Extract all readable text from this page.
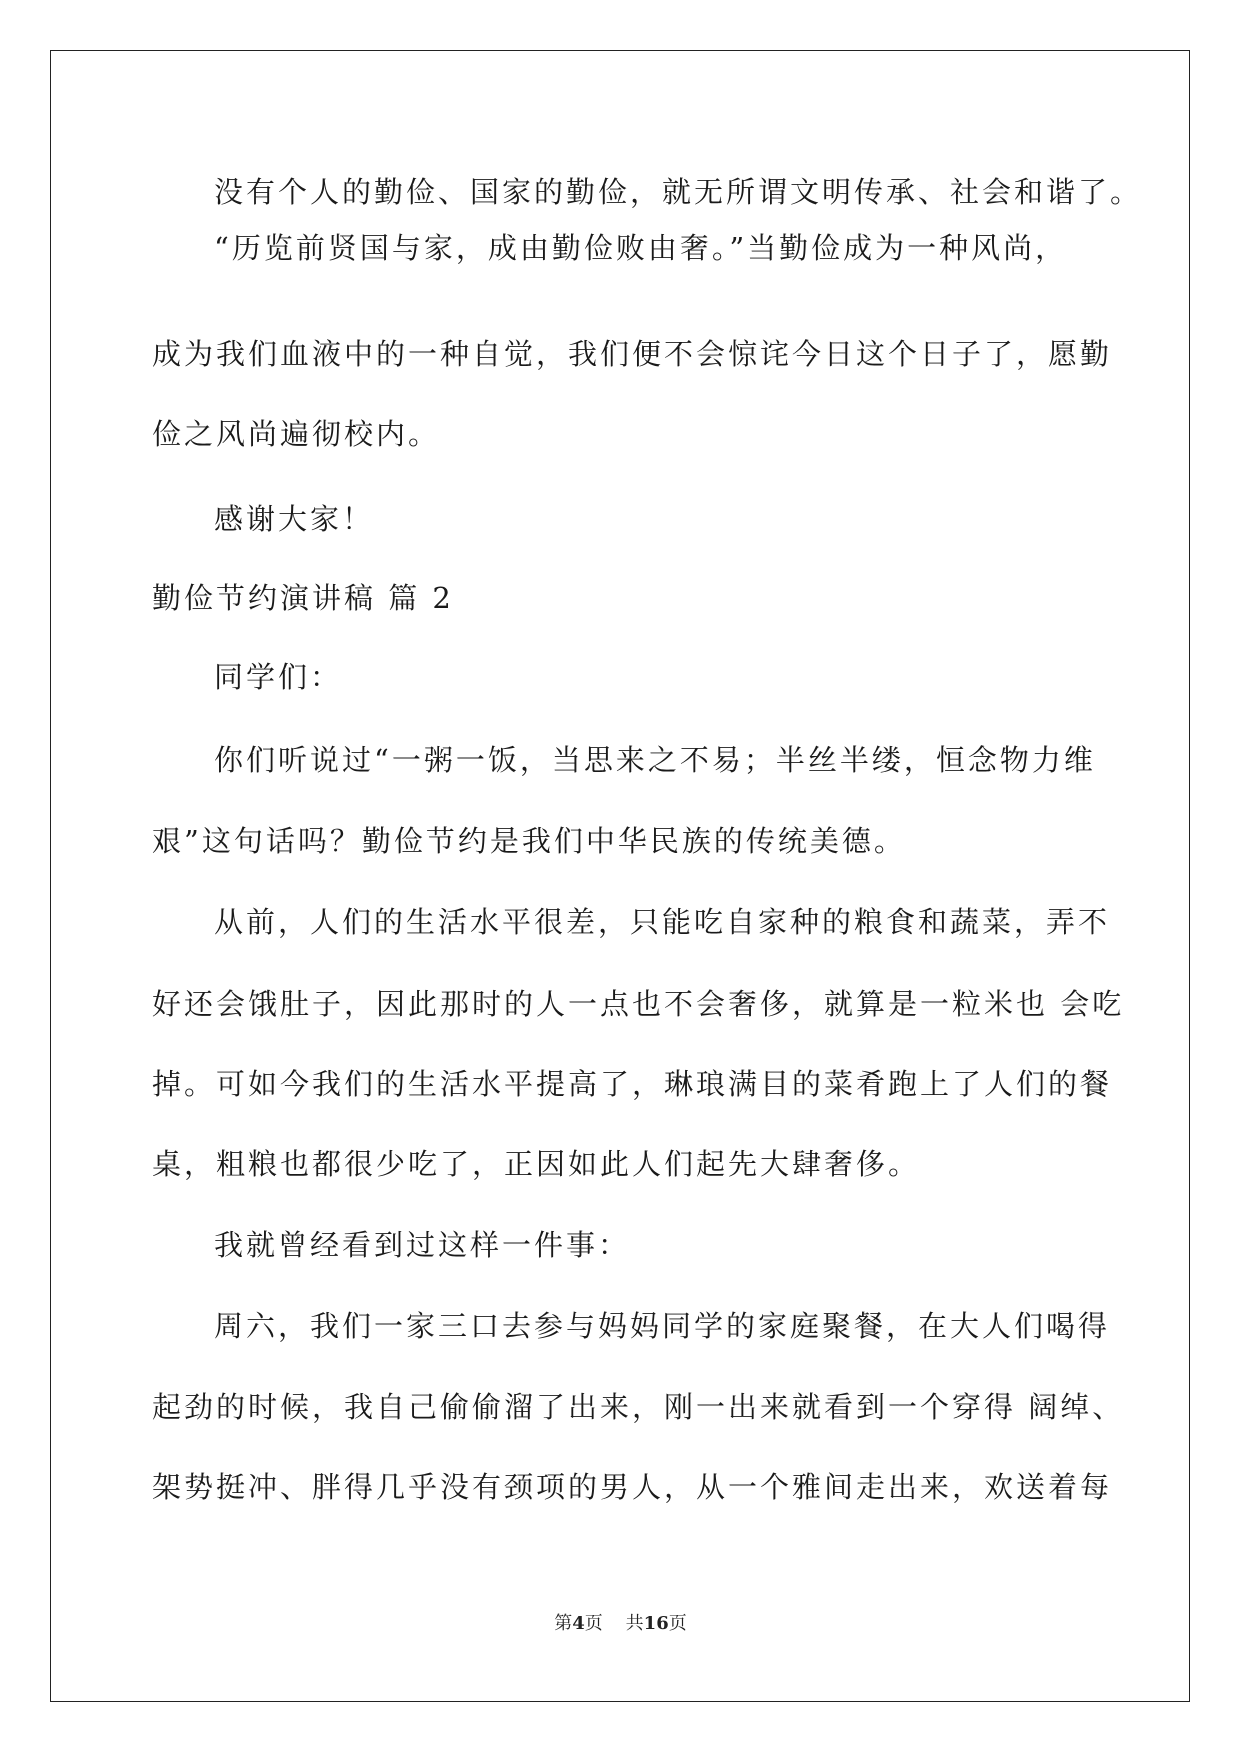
没有个人的勤俭、国家的勤俭，就无所谓文明传承、社会和谐了。
“历览前贤国与家，成由勤俭败由奢。”当勤俭成为一种风尚，
成为我们血液中的一种自觉，我们便不会惊诧今日这个日子了，愿勤
俭之风尚遍彻校内。
感谢大家！
勤俭节约演讲稿 篇 2
同学们：
你们听说过“一粥一饭，当思来之不易；半丝半缕，恒念物力维
艰”这句话吗？勤俭节约是我们中华民族的传统美德。
从前，人们的生活水平很差，只能吃自家种的粮食和蔬菜，弄不
好还会饿肚子，因此那时的人一点也不会奢侈，就算是一粒米也 会吃
掉。可如今我们的生活水平提高了，琳琅满目的菜肴跑上了人们的餐
桌，粗粮也都很少吃了，正因如此人们起先大肆奢侈。
我就曾经看到过这样一件事：
周六，我们一家三口去参与妈妈同学的家庭聚餐，在大人们喝得
起劲的时候，我自己偷偷溜了出来，刚一出来就看到一个穿得 阔绰、
架势挺冲、胖得几乎没有颈项的男人，从一个雅间走出来，欢送着每
第4页 共16页
